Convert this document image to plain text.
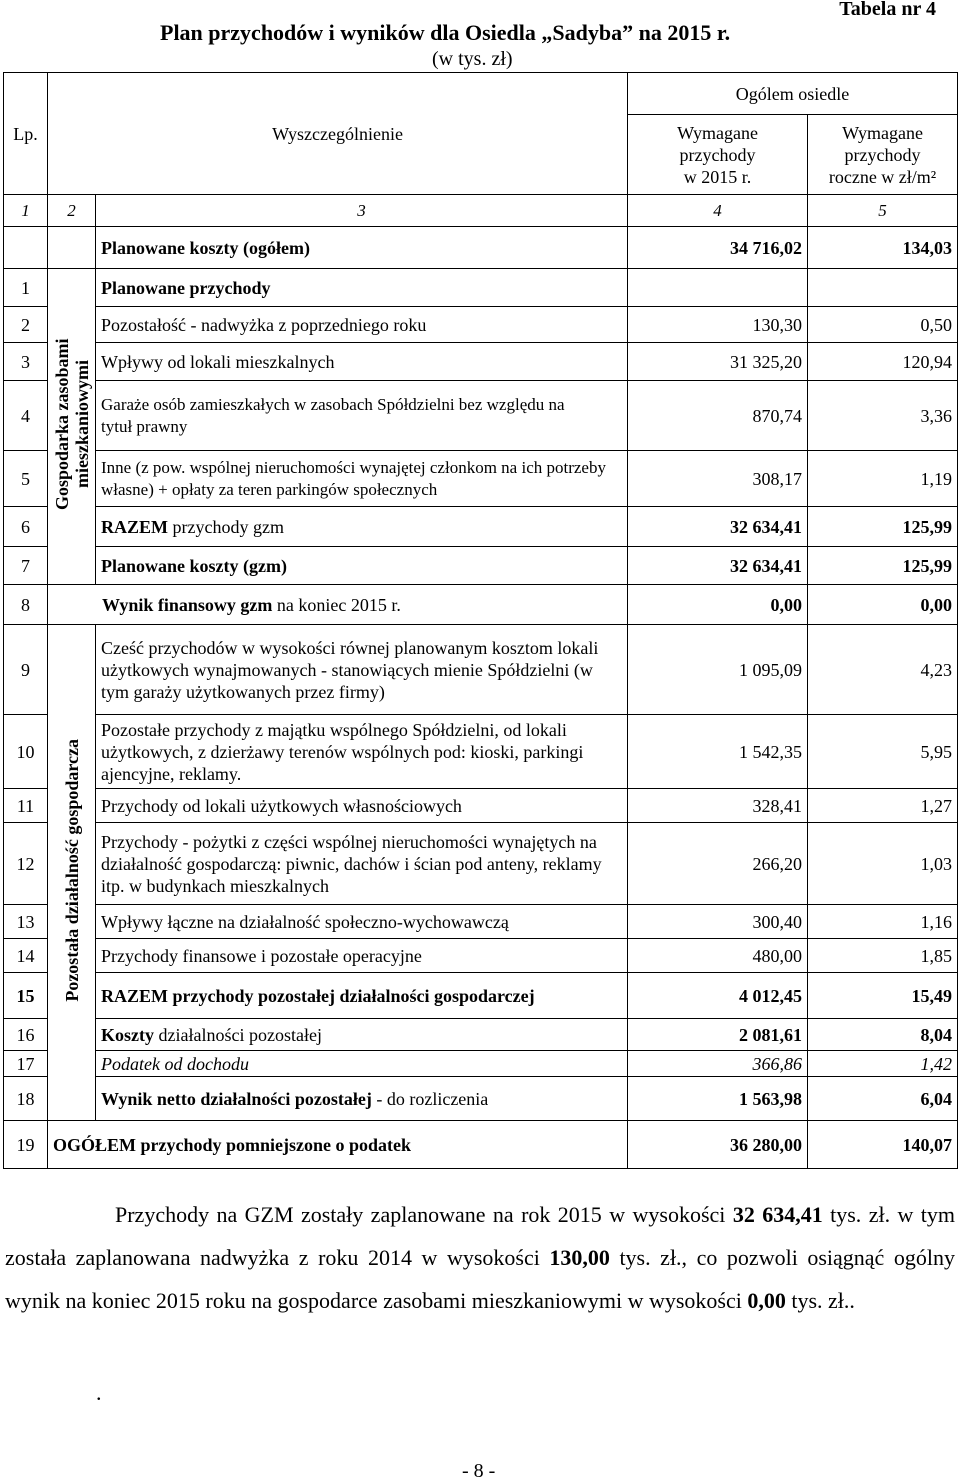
Tabela nr 4
Plan przychodów i wyników dla Osiedla „Sadyba” na 2015 r.
(w tys. zł)
Lp.	Wyszczególnienie		Ogólem osiedle	
			Wymagane
przychody
w 2015 r.	Wymagane
przychody
roczne w zł/m²
1	2	3	4	5
		Planowane koszty (ogółem)	34 716,02	134,03
1	Gospodarka zasobami mieszkaniowymi	Planowane przychody		
2		Pozostałość - nadwyżka z poprzedniego roku	130,30	0,50
3		Wpływy od lokali mieszkalnych	31 325,20	120,94
4		Garaże osób zamieszkałych w zasobach Spółdzielni bez względu na tytuł prawny	870,74	3,36
5		Inne (z pow. wspólnej nieruchomości wynajętej członkom na ich potrzeby własne) + opłaty za teren parkingów społecznych	308,17	1,19
6		RAZEM przychody gzm	32 634,41	125,99
7		Planowane koszty (gzm)	32 634,41	125,99
8	Wynik finansowy gzm na koniec 2015 r.		0,00	0,00
9	Pozostała działalność gospodarcza	Cześć przychodów w wysokości równej planowanym kosztom lokali użytkowych wynajmowanych - stanowiących mienie Spółdzielni (w tym garaży użytkowanych przez firmy)	1 095,09	4,23
10		Pozostałe przychody z majątku wspólnego Spółdzielni, od lokali użytkowych, z dzierżawy terenów wspólnych pod: kioski, parkingi ajencyjne, reklamy.	1 542,35	5,95
11		Przychody od lokali użytkowych własnościowych	328,41	1,27
12		Przychody - pożytki z części wspólnej nieruchomości wynajętych na działalność gospodarczą: piwnic, dachów i ścian pod anteny, reklamy itp. w budynkach mieszkalnych	266,20	1,03
13		Wpływy łączne na działalność społeczno-wychowawczą	300,40	1,16
14		Przychody finansowe i pozostałe operacyjne	480,00	1,85
15		RAZEM przychody pozostałej działalności gospodarczej	4 012,45	15,49
16		Koszty działalności pozostałej	2 081,61	8,04
17		Podatek od dochodu	366,86	1,42
18		Wynik netto działalności pozostałej - do rozliczenia	1 563,98	6,04
19	OGÓŁEM przychody pomniejszone o podatek		36 280,00	140,07

Przychody na GZM zostały zaplanowane na rok 2015 w wysokości 32 634,41 tys. zł. w tym została zaplanowana nadwyżka z roku 2014 w wysokości 130,00 tys. zł., co pozwoli osiągnąć ogólny wynik na koniec 2015 roku na gospodarce zasobami mieszkaniowymi w wysokości 0,00 tys. zł..

.
- 8 -
